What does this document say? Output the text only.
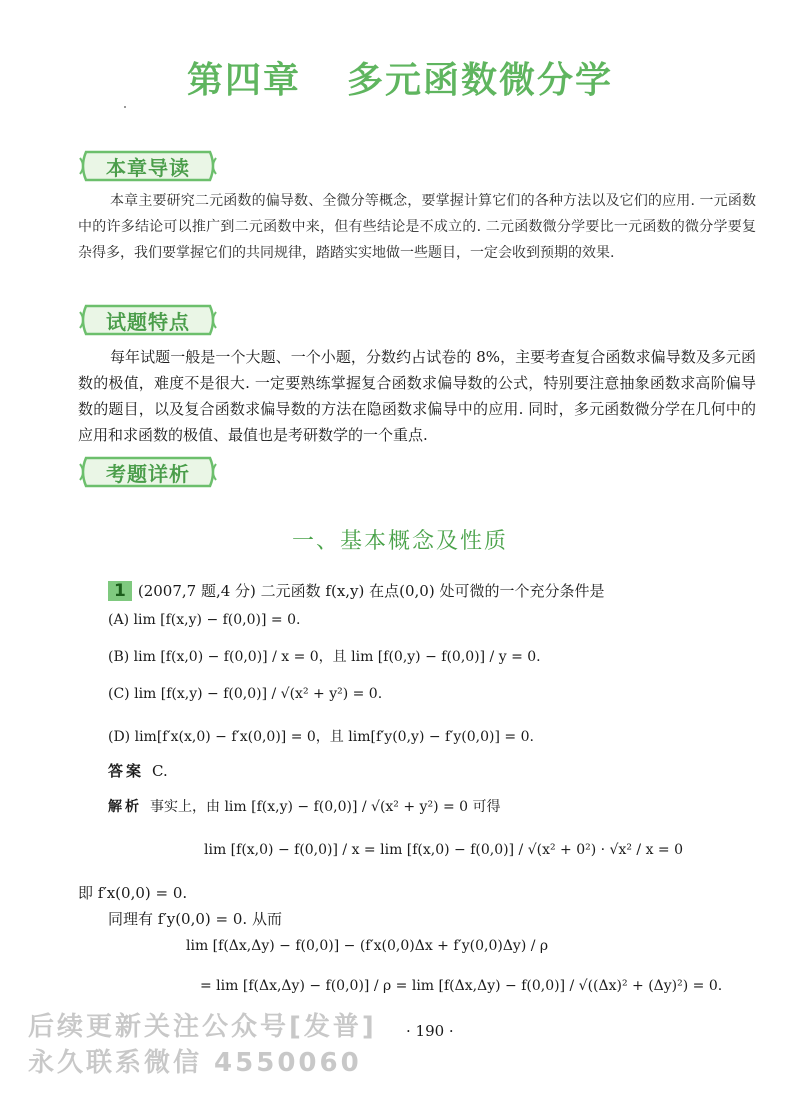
第四章 多元函数微分学
本章导读
本章主要研究二元函数的偏导数、全微分等概念，要掌握计算它们的各种方法以及它们的应用. 一元函数中的许多结论可以推广到二元函数中来，但有些结论是不成立的. 二元函数微分学要比一元函数的微分学要复杂得多，我们要掌握它们的共同规律，踏踏实实地做一些题目，一定会收到预期的效果.
试题特点
每年试题一般是一个大题、一个小题，分数约占试卷的 8%，主要考查复合函数求偏导数及多元函数的极值，难度不是很大. 一定要熟练掌握复合函数求偏导数的公式，特别要注意抽象函数求高阶偏导数的题目，以及复合函数求偏导数的方法在隐函数求偏导中的应用. 同时，多元函数微分学在几何中的应用和求函数的极值、最值也是考研数学的一个重点.
考题详析
一、基本概念及性质
1 (2007,7 题,4 分) 二元函数 f(x,y) 在点(0,0) 处可微的一个充分条件是
(A) lim [f(x,y) − f(0,0)] = 0.
(B) lim [f(x,0) − f(0,0)] / x = 0，且 lim [f(0,y) − f(0,0)] / y = 0.
(C) lim [f(x,y) − f(0,0)] / √(x² + y²) = 0.
(D) lim[f′x(x,0) − f′x(0,0)] = 0，且 lim[f′y(0,y) − f′y(0,0)] = 0.
答案 C.
解析 事实上，由 lim [f(x,y) − f(0,0)] / √(x² + y²) = 0 可得
lim [f(x,0) − f(0,0)] / x = lim [f(x,0) − f(0,0)] / √(x² + 0²) · √x² / x = 0
即 f′x(0,0) = 0.
同理有 f′y(0,0) = 0. 从而
lim [f(Δx,Δy) − f(0,0)] − (f′x(0,0)Δx + f′y(0,0)Δy) / ρ
= lim [f(Δx,Δy) − f(0,0)] / ρ = lim [f(Δx,Δy) − f(0,0)] / √((Δx)² + (Δy)²) = 0.
· 190 ·
后续更新关注公众号[发普]
永久联系微信 4550060
